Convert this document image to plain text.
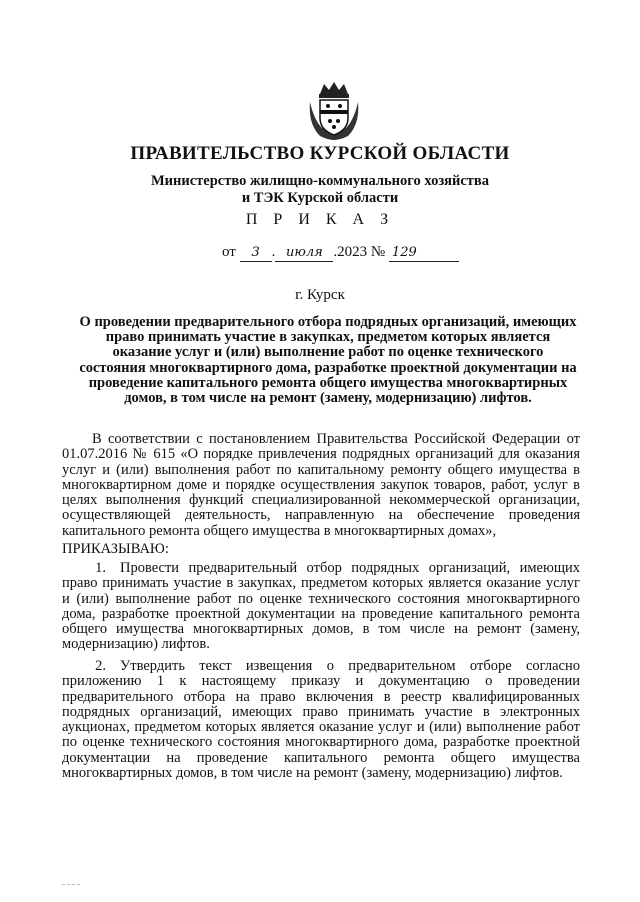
ПРАВИТЕЛЬСТВО КУРСКОЙ ОБЛАСТИ
Министерство жилищно-коммунального хозяйства
и ТЭК Курской области
П Р И К А З
от 3 . июля .2023 № 129
г. Курск
О проведении предварительного отбора подрядных организаций, имеющих право принимать участие в закупках, предметом которых является оказание услуг и (или) выполнение работ по оценке технического состояния многоквартирного дома, разработке проектной документации на проведение капитального ремонта общего имущества многоквартирных домов, в том числе на ремонт (замену, модернизацию) лифтов.

В соответствии с постановлением Правительства Российской Федерации от 01.07.2016 № 615 «О порядке привлечения подрядных организаций для оказания услуг и (или) выполнения работ по капитальному ремонту общего имущества в многоквартирном доме и порядке осуществления закупок товаров, работ, услуг в целях выполнения функций специализированной некоммерческой организации, осуществляющей деятельность, направленную на обеспечение проведения капитального ремонта общего имущества в многоквартирных домах»,

ПРИКАЗЫВАЮ:

1. Провести предварительный отбор подрядных организаций, имеющих право принимать участие в закупках, предметом которых является оказание услуг и (или) выполнение работ по оценке технического состояния многоквартирного дома, разработке проектной документации на проведение капитального ремонта общего имущества многоквартирных домов, в том числе на ремонт (замену, модернизацию) лифтов.

2. Утвердить текст извещения о предварительном отборе согласно приложению 1 к настоящему приказу и документацию о проведении предварительного отбора на право включения в реестр квалифицированных подрядных организаций, имеющих право принимать участие в электронных аукционах, предметом которых является оказание услуг и (или) выполнение работ по оценке технического состояния многоквартирного дома, разработке проектной документации на проведение капитального ремонта общего имущества многоквартирных домов, в том числе на ремонт (замену, модернизацию) лифтов.
